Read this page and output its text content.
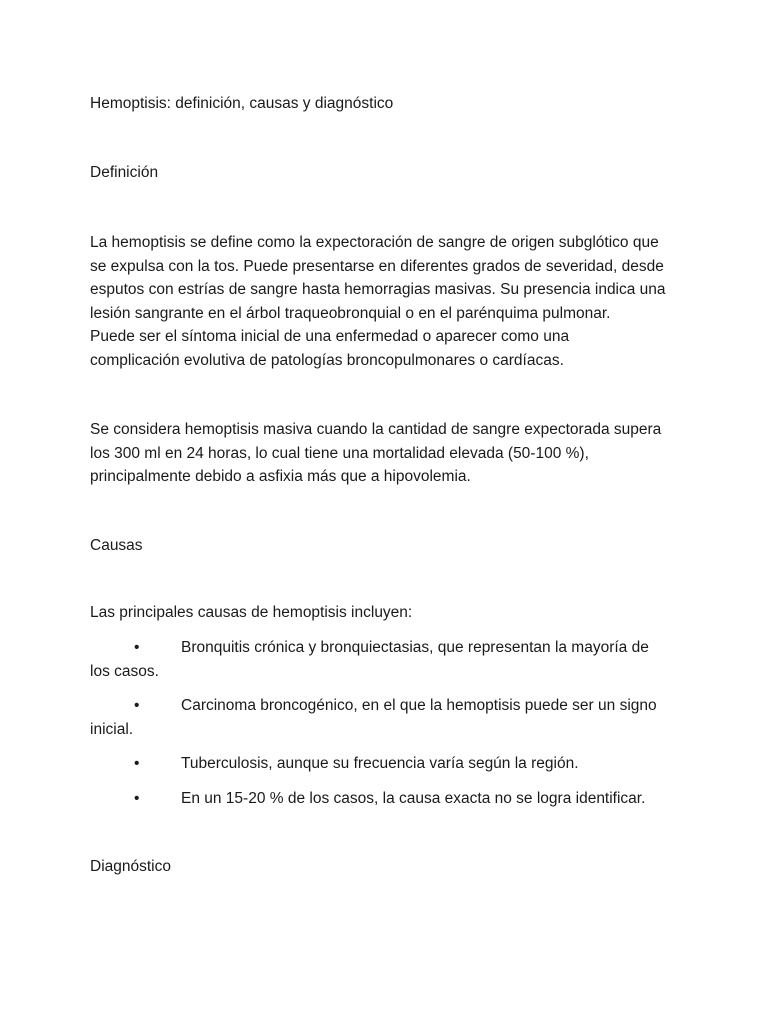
Hemoptisis: definición, causas y diagnóstico
Definición
La hemoptisis se define como la expectoración de sangre de origen subglótico que
se expulsa con la tos. Puede presentarse en diferentes grados de severidad, desde
esputos con estrías de sangre hasta hemorragias masivas. Su presencia indica una
lesión sangrante en el árbol traqueobronquial o en el parénquima pulmonar.
Puede ser el síntoma inicial de una enfermedad o aparecer como una
complicación evolutiva de patologías broncopulmonares o cardíacas.
Se considera hemoptisis masiva cuando la cantidad de sangre expectorada supera
los 300 ml en 24 horas, lo cual tiene una mortalidad elevada (50-100 %),
principalmente debido a asfixia más que a hipovolemia.
Causas
Las principales causas de hemoptisis incluyen:
•	Bronquitis crónica y bronquiectasias, que representan la mayoría de
los casos.
•	Carcinoma broncogénico, en el que la hemoptisis puede ser un signo
inicial.
•	Tuberculosis, aunque su frecuencia varía según la región.
•	En un 15-20 % de los casos, la causa exacta no se logra identificar.
Diagnóstico
